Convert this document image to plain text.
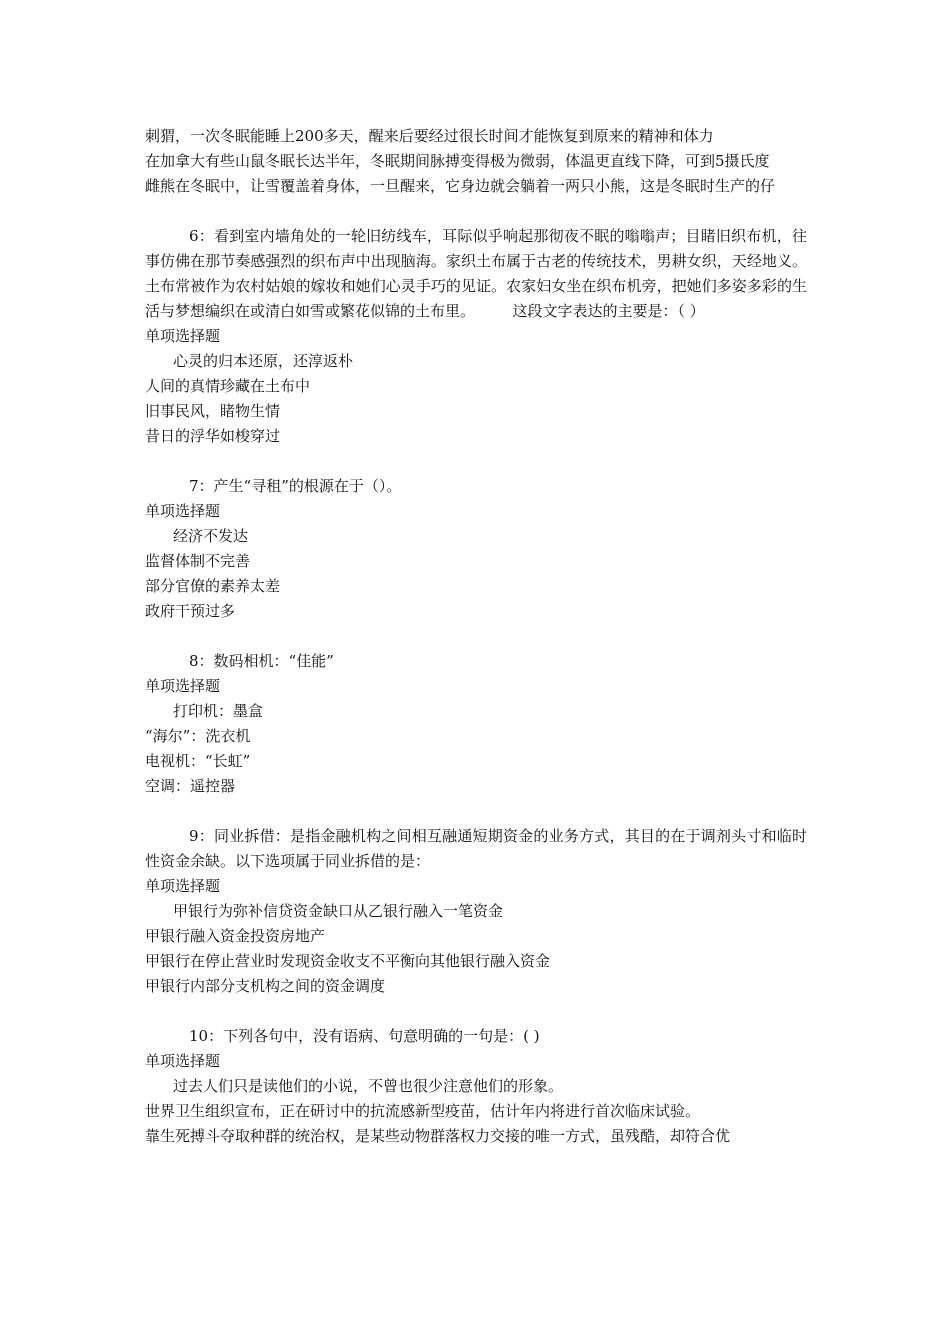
刺猬，一次冬眠能睡上200多天，醒来后要经过很长时间才能恢复到原来的精神和体力

在加拿大有些山鼠冬眠长达半年，冬眠期间脉搏变得极为微弱，体温更直线下降，可到5摄氏度

雌熊在冬眠中，让雪覆盖着身体，一旦醒来，它身边就会躺着一两只小熊，这是冬眠时生产的仔

6：看到室内墙角处的一轮旧纺线车，耳际似乎响起那彻夜不眠的嗡嗡声；目睹旧织布机，往事仿佛在那节奏感强烈的织布声中出现脑海。家织土布属于古老的传统技术，男耕女织，天经地义。土布常被作为农村姑娘的嫁妆和她们心灵手巧的见证。农家妇女坐在织布机旁，把她们多姿多彩的生活与梦想编织在或清白如雪或繁花似锦的土布里。　　　这段文字表达的主要是：（ ）

单项选择题

心灵的归本还原，还淳返朴

人间的真情珍藏在土布中

旧事民风，睹物生情

昔日的浮华如梭穿过

7：产生“寻租”的根源在于（）。

单项选择题

经济不发达

监督体制不完善

部分官僚的素养太差

政府干预过多

8：数码相机：“佳能”

单项选择题

打印机：墨盒

“海尔”：洗衣机

电视机：“长虹”

空调：遥控器

9：同业拆借：是指金融机构之间相互融通短期资金的业务方式，其目的在于调剂头寸和临时性资金余缺。以下选项属于同业拆借的是：

单项选择题

甲银行为弥补信贷资金缺口从乙银行融入一笔资金

甲银行融入资金投资房地产

甲银行在停止营业时发现资金收支不平衡向其他银行融入资金

甲银行内部分支机构之间的资金调度

10：下列各句中，没有语病、句意明确的一句是：( )

单项选择题

过去人们只是读他们的小说，不曾也很少注意他们的形象。

世界卫生组织宣布，正在研讨中的抗流感新型疫苗，估计年内将进行首次临床试验。

靠生死搏斗夺取种群的统治权，是某些动物群落权力交接的唯一方式，虽残酷，却符合优
